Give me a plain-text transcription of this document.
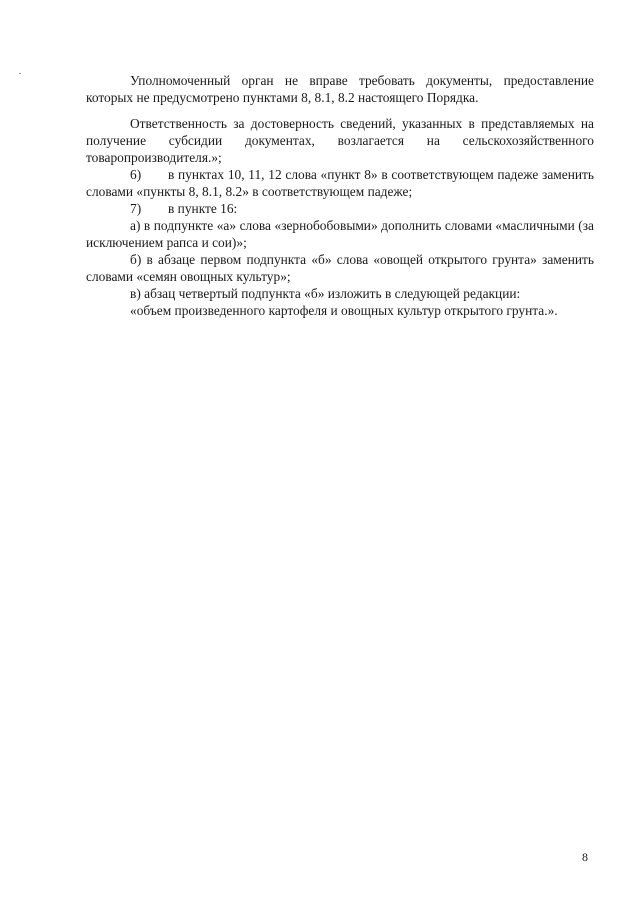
Уполномоченный орган не вправе требовать документы, предоставление которых не предусмотрено пунктами 8, 8.1, 8.2 настоящего Порядка.

Ответственность за достоверность сведений, указанных в представляемых на получение субсидии документах, возлагается на сельскохозяйственного товаропроизводителя.»;

6) в пунктах 10, 11, 12 слова «пункт 8» в соответствующем падеже заменить словами «пункты 8, 8.1, 8.2» в соответствующем падеже;

7) в пункте 16:

а) в подпункте «а» слова «зернобобовыми» дополнить словами «масличными (за исключением рапса и сои)»;

б) в абзаце первом подпункта «б» слова «овощей открытого грунта» заменить словами «семян овощных культур»;

в) абзац четвертый подпункта «б» изложить в следующей редакции:

«объем произведенного картофеля и овощных культур открытого грунта.».

8
